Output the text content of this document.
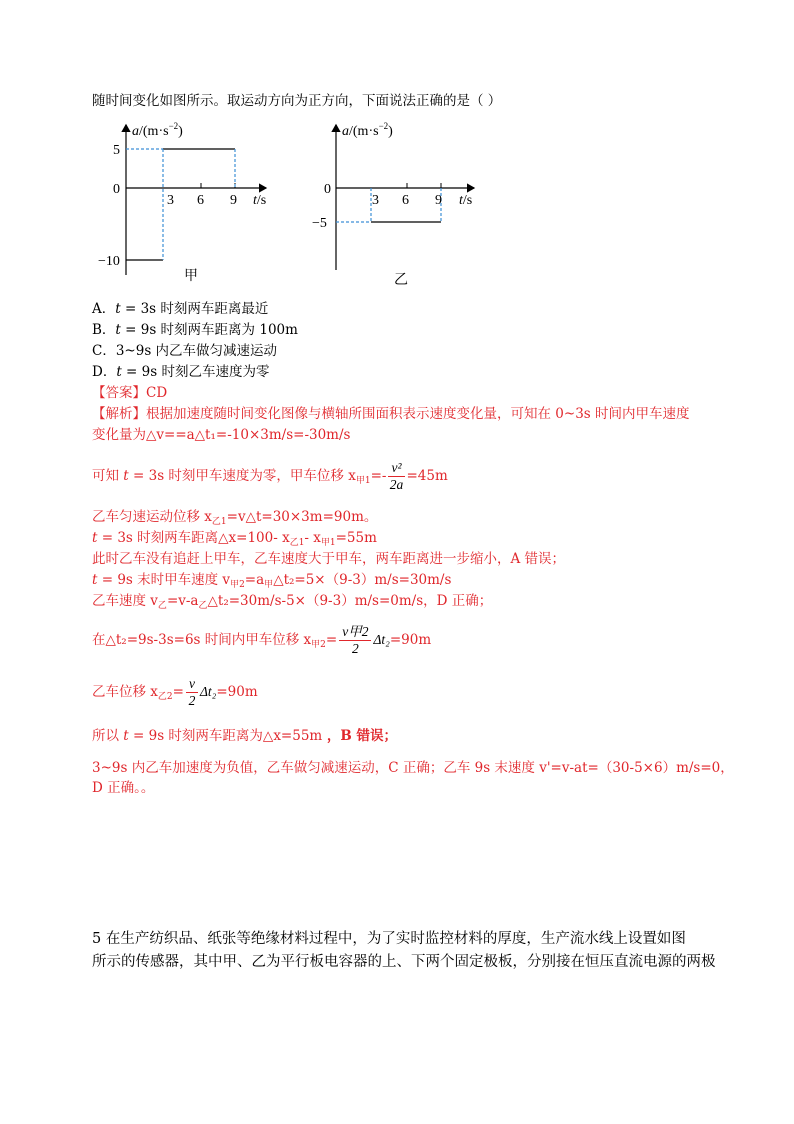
随时间变化如图所示。取运动方向为正方向，下面说法正确的是（ ）
$a/(m\cdot s^{-2})$
5
0
−10
3 6 9 t/s
甲
$a/(m\cdot s^{-2})$
0
−5
3 6 9 t/s
乙
A．t = 3s 时刻两车距离最近
B．t = 9s 时刻两车距离为 100m
C．3~9s 内乙车做匀减速运动
D．t = 9s 时刻乙车速度为零
【答案】CD
【解析】根据加速度随时间变化图像与横轴所围面积表示速度变化量，可知在 0~3s 时间内甲车速度
变化量为△v==a△t₁=-10×3m/s=-30m/s
可知 t = 3s 时刻甲车速度为零，甲车位移 $x_{甲1}=- \frac{\text{v²}}{2a} =45m$
乙车匀速运动位移 $x_{乙1}=v\triangle t=30\times 3m=90m$。
t = 3s 时刻两车距离△x=100- $x_{乙1}-$ $x_{甲1}=55m$
此时乙车没有追赶上甲车，乙车速度大于甲车，两车距离进一步缩小，A 错误；
t = 9s 末时甲车速度 $v_{甲2}=a_甲\triangle t_2=5\times(9-3)m/s=30m/s$
乙车速度 $v_乙=v-a_乙\triangle t_2=30m/s-5\times(9-3)m/s=0m/s$，D 正确；
在△t₂=9s-3s=6s 时间内甲车位移 $x_{甲2}= \frac{\text{v甲2}}{2} \Delta t_2=90m$
乙车位移 $x_{乙2}= \frac{v}{2} \Delta t_2=90m$
所以 t = 9s 时刻两车距离为△x=55m ，B 错误；
3~9s 内乙车加速度为负值，乙车做匀减速运动，C 正确；乙车 9s 末速度 v'=v-at=（30-5×6）m/s=0，
D 正确。。
5 在生产纺织品、纸张等绝缘材料过程中，为了实时监控材料的厚度，生产流水线上设置如图
所示的传感器，其中甲、乙为平行板电容器的上、下两个固定极板，分别接在恒压直流电源的两极
